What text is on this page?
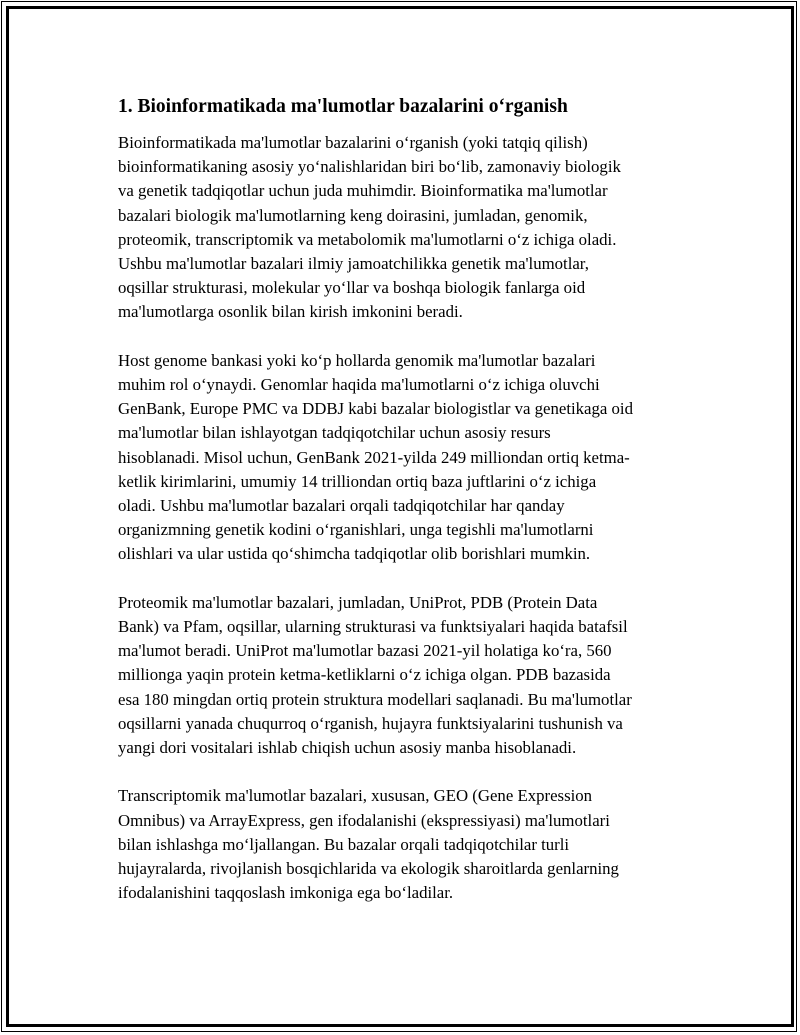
1. Bioinformatikada ma'lumotlar bazalarini o‘rganish

Bioinformatikada ma'lumotlar bazalarini o‘rganish (yoki tatqiq qilish)
bioinformatikaning asosiy yo‘nalishlaridan biri bo‘lib, zamonaviy biologik
va genetik tadqiqotlar uchun juda muhimdir. Bioinformatika ma'lumotlar
bazalari biologik ma'lumotlarning keng doirasini, jumladan, genomik,
proteomik, transcriptomik va metabolomik ma'lumotlarni o‘z ichiga oladi.
Ushbu ma'lumotlar bazalari ilmiy jamoatchilikka genetik ma'lumotlar,
oqsillar strukturasi, molekular yo‘llar va boshqa biologik fanlarga oid
ma'lumotlarga osonlik bilan kirish imkonini beradi.

Host genome bankasi yoki ko‘p hollarda genomik ma'lumotlar bazalari
muhim rol o‘ynaydi. Genomlar haqida ma'lumotlarni o‘z ichiga oluvchi
GenBank, Europe PMC va DDBJ kabi bazalar biologistlar va genetikaga oid
ma'lumotlar bilan ishlayotgan tadqiqotchilar uchun asosiy resurs
hisoblanadi. Misol uchun, GenBank 2021-yilda 249 milliondan ortiq ketma-
ketlik kirimlarini, umumiy 14 trilliondan ortiq baza juftlarini o‘z ichiga
oladi. Ushbu ma'lumotlar bazalari orqali tadqiqotchilar har qanday
organizmning genetik kodini o‘rganishlari, unga tegishli ma'lumotlarni
olishlari va ular ustida qo‘shimcha tadqiqotlar olib borishlari mumkin.

Proteomik ma'lumotlar bazalari, jumladan, UniProt, PDB (Protein Data
Bank) va Pfam, oqsillar, ularning strukturasi va funktsiyalari haqida batafsil
ma'lumot beradi. UniProt ma'lumotlar bazasi 2021-yil holatiga ko‘ra, 560
millionga yaqin protein ketma-ketliklarni o‘z ichiga olgan. PDB bazasida
esa 180 mingdan ortiq protein struktura modellari saqlanadi. Bu ma'lumotlar
oqsillarni yanada chuqurroq o‘rganish, hujayra funktsiyalarini tushunish va
yangi dori vositalari ishlab chiqish uchun asosiy manba hisoblanadi.

Transcriptomik ma'lumotlar bazalari, xususan, GEO (Gene Expression
Omnibus) va ArrayExpress, gen ifodalanishi (ekspressiyasi) ma'lumotlari
bilan ishlashga mo‘ljallangan. Bu bazalar orqali tadqiqotchilar turli
hujayralarda, rivojlanish bosqichlarida va ekologik sharoitlarda genlarning
ifodalanishini taqqoslash imkoniga ega bo‘ladilar.
